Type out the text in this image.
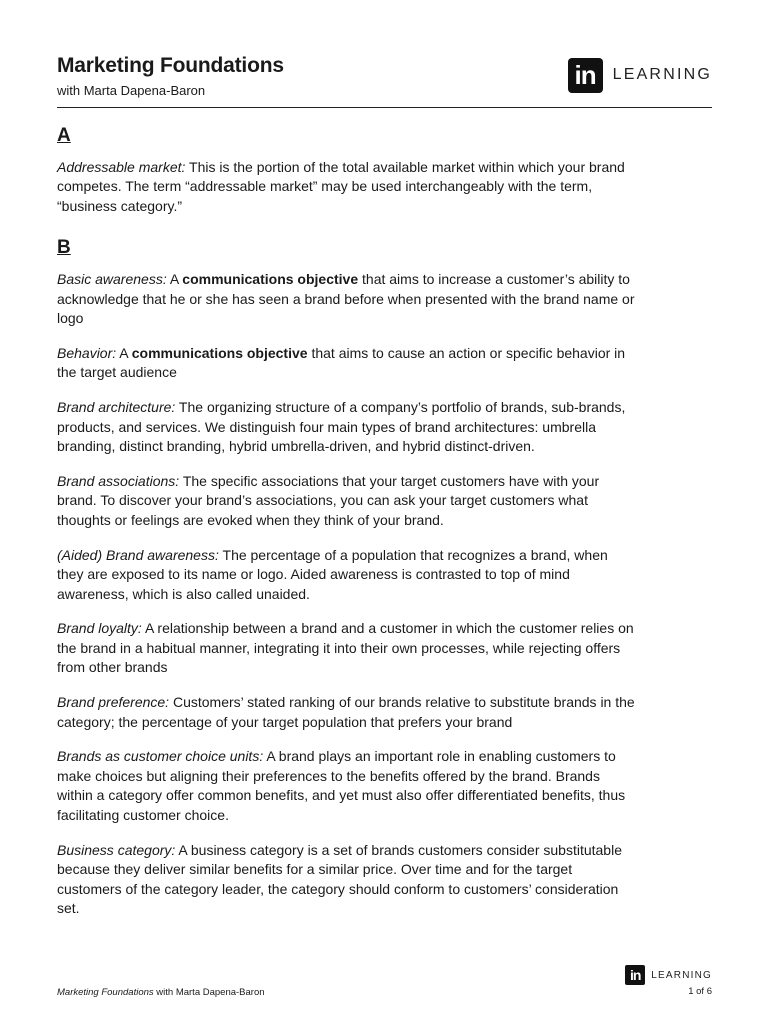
Marketing Foundations
with Marta Dapena-Baron
in	LEARNING
A

Addressable market: This is the portion of the total available market within which your brand competes. The term “addressable market” may be used interchangeably with the term, “business category.”

B

Basic awareness: A communications objective that aims to increase a customer’s ability to acknowledge that he or she has seen a brand before when presented with the brand name or logo

Behavior: A communications objective that aims to cause an action or specific behavior in the target audience

Brand architecture: The organizing structure of a company’s portfolio of brands, sub-brands, products, and services. We distinguish four main types of brand architectures: umbrella branding, distinct branding, hybrid umbrella-driven, and hybrid distinct-driven.

Brand associations: The specific associations that your target customers have with your brand. To discover your brand’s associations, you can ask your target customers what thoughts or feelings are evoked when they think of your brand.

(Aided) Brand awareness: The percentage of a population that recognizes a brand, when they are exposed to its name or logo. Aided awareness is contrasted to top of mind awareness, which is also called unaided.

Brand loyalty: A relationship between a brand and a customer in which the customer relies on the brand in a habitual manner, integrating it into their own processes, while rejecting offers from other brands

Brand preference: Customers’ stated ranking of our brands relative to substitute brands in the category; the percentage of your target population that prefers your brand

Brands as customer choice units: A brand plays an important role in enabling customers to make choices but aligning their preferences to the benefits offered by the brand. Brands within a category offer common benefits, and yet must also offer differentiated benefits, thus facilitating customer choice.

Business category: A business category is a set of brands customers consider substitutable because they deliver similar benefits for a similar price. Over time and for the target customers of the category leader, the category should conform to customers’ consideration set.

in	LEARNING
Marketing Foundations with Marta Dapena-Baron	1 of 6
